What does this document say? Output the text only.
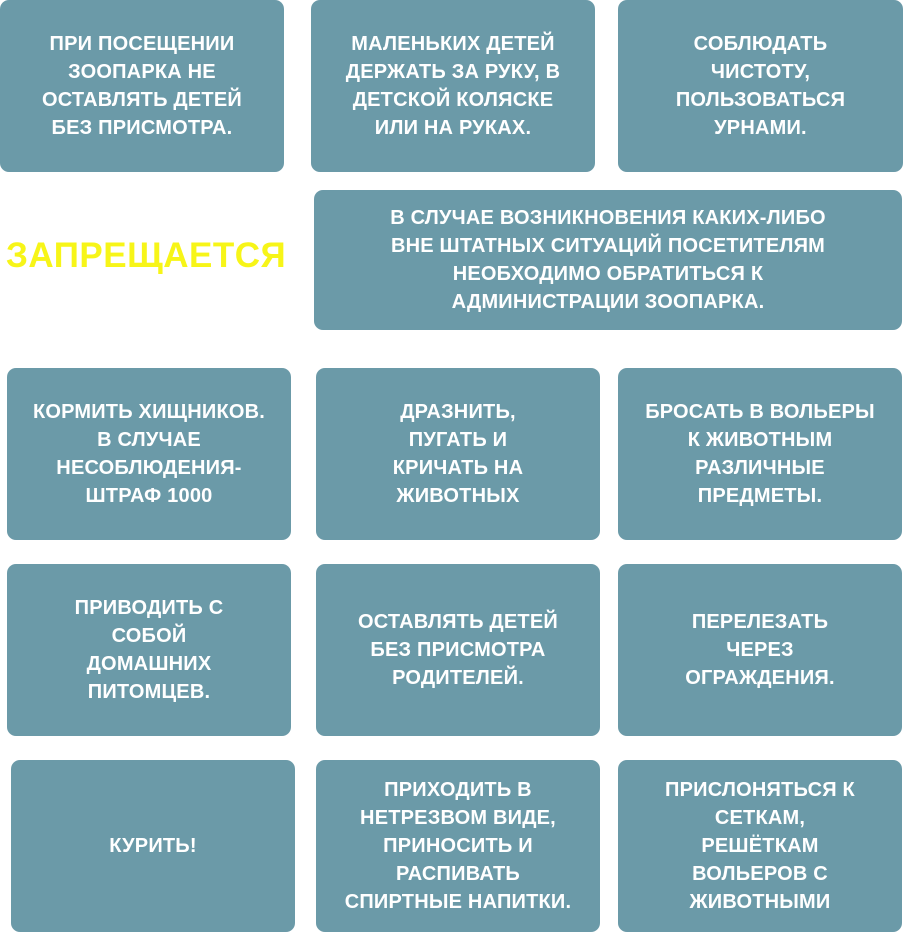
ПРИ ПОСЕЩЕНИИ
ЗООПАРКА НЕ
ОСТАВЛЯТЬ ДЕТЕЙ
БЕЗ ПРИСМОТРА.
МАЛЕНЬКИХ ДЕТЕЙ
ДЕРЖАТЬ ЗА РУКУ, В
ДЕТСКОЙ КОЛЯСКЕ
ИЛИ НА РУКАХ.
СОБЛЮДАТЬ
ЧИСТОТУ,
ПОЛЬЗОВАТЬСЯ
УРНАМИ.
ЗАПРЕЩАЕТСЯ
В СЛУЧАЕ ВОЗНИКНОВЕНИЯ КАКИХ-ЛИБО
ВНЕ ШТАТНЫХ СИТУАЦИЙ ПОСЕТИТЕЛЯМ
НЕОБХОДИМО ОБРАТИТЬСЯ К
АДМИНИСТРАЦИИ ЗООПАРКА.
КОРМИТЬ ХИЩНИКОВ.
В СЛУЧАЕ
НЕСОБЛЮДЕНИЯ-
ШТРАФ 1000
ДРАЗНИТЬ,
ПУГАТЬ И
КРИЧАТЬ НА
ЖИВОТНЫХ
БРОСАТЬ В ВОЛЬЕРЫ
К ЖИВОТНЫМ
РАЗЛИЧНЫЕ
ПРЕДМЕТЫ.
ПРИВОДИТЬ С
СОБОЙ
ДОМАШНИХ
ПИТОМЦЕВ.
ОСТАВЛЯТЬ ДЕТЕЙ
БЕЗ ПРИСМОТРА
РОДИТЕЛЕЙ.
ПЕРЕЛЕЗАТЬ
ЧЕРЕЗ
ОГРАЖДЕНИЯ.
КУРИТЬ!
ПРИХОДИТЬ В
НЕТРЕЗВОМ ВИДЕ,
ПРИНОСИТЬ И
РАСПИВАТЬ
СПИРТНЫЕ НАПИТКИ.
ПРИСЛОНЯТЬСЯ К
СЕТКАМ,
РЕШЁТКАМ
ВОЛЬЕРОВ С
ЖИВОТНЫМИ
